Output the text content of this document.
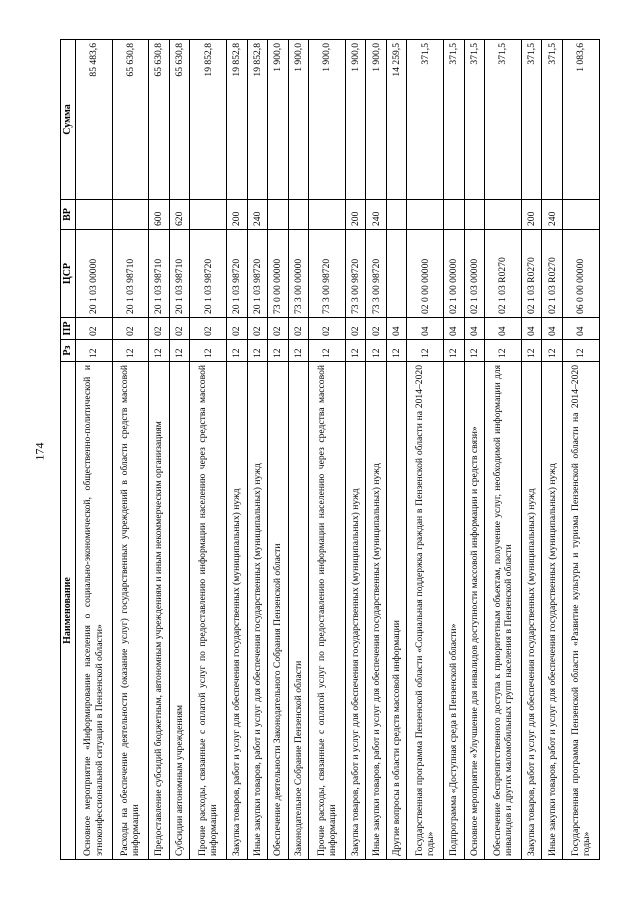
174
Наименование	Рз	ПР	ЦСР	ВР	Сумма
Основное мероприятие «Информирование населения о социально-экономической, общественно-политической и этноконфессиональной ситуации в Пензенской области»	12	02	20 1 03 00000		85 483,6
Расходы на обеспечение деятельности (оказание услуг) государственных учреждений в области средств массовой информации	12	02	20 1 03 98710		65 630,8
Предоставление субсидий бюджетным, автономным учреждениям и иным некоммерческим организациям	12	02	20 1 03 98710	600	65 630,8
Субсидии автономным учреждениям	12	02	20 1 03 98710	620	65 630,8
Прочие расходы, связанные с оплатой услуг по предоставлению информации населению через средства массовой информации	12	02	20 1 03 98720		19 852,8
Закупка товаров, работ и услуг для обеспечения государственных (муниципальных) нужд	12	02	20 1 03 98720	200	19 852,8
Иные закупки товаров, работ и услуг для обеспечения государственных (муниципальных) нужд	12	02	20 1 03 98720	240	19 852,8
Обеспечение деятельности Законодательного Собрания Пензенской области	12	02	73 0 00 00000		1 900,0
Законодательное Собрание Пензенской области	12	02	73 3 00 00000		1 900,0
Прочие расходы, связанные с оплатой услуг по предоставлению информации населению через средства массовой информации	12	02	73 3 00 98720		1 900,0
Закупка товаров, работ и услуг для обеспечения государственных (муниципальных) нужд	12	02	73 3 00 98720	200	1 900,0
Иные закупки товаров, работ и услуг для обеспечения государственных (муниципальных) нужд	12	02	73 3 00 98720	240	1 900,0
Другие вопросы в области средств массовой информации	12	04			14 259,5
Государственная программа Пензенской области «Социальная поддержка граждан в Пензенской области на 2014–2020 годы»	12	04	02 0 00 00000		371,5
Подпрограмма «Доступная среда в Пензенской области»	12	04	02 1 00 00000		371,5
Основное мероприятие «Улучшение для инвалидов доступности массовой информации и средств связи»	12	04	02 1 03 00000		371,5
Обеспечение беспрепятственного доступа к приоритетным объектам, получение услуг, необходимой информации для инвалидов и других маломобильных групп населения в Пензенской области	12	04	02 1 03 R0270		371,5
Закупка товаров, работ и услуг для обеспечения государственных (муниципальных) нужд	12	04	02 1 03 R0270	200	371,5
Иные закупки товаров, работ и услуг для обеспечения государственных (муниципальных) нужд	12	04	02 1 03 R0270	240	371,5
Государственная программа Пензенской области «Развитие культуры и туризма Пензенской области на 2014–2020 годы»	12	04	06 0 00 00000		1 083,6
